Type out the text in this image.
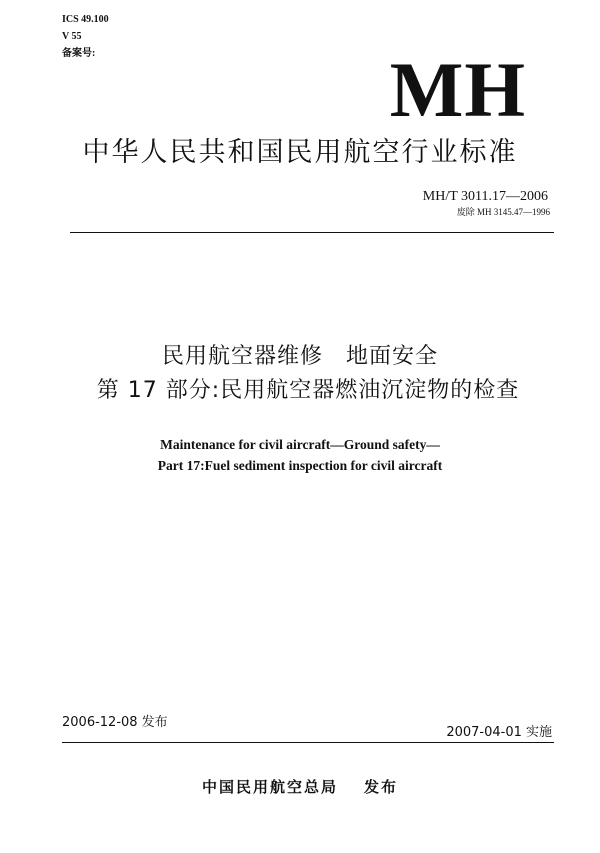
ICS 49.100
V 55
备案号:	MH
中华人民共和国民用航空行业标准
MH/T 3011.17—2006
废除 MH 3145.47—1996
民用航空器维修　地面安全
第 17 部分:民用航空器燃油沉淀物的检查
Maintenance for civil aircraft—Ground safety—
Part 17:Fuel sediment inspection for civil aircraft
2006-12-08 发布
2007-04-01 实施
中国民用航空总局 发布
